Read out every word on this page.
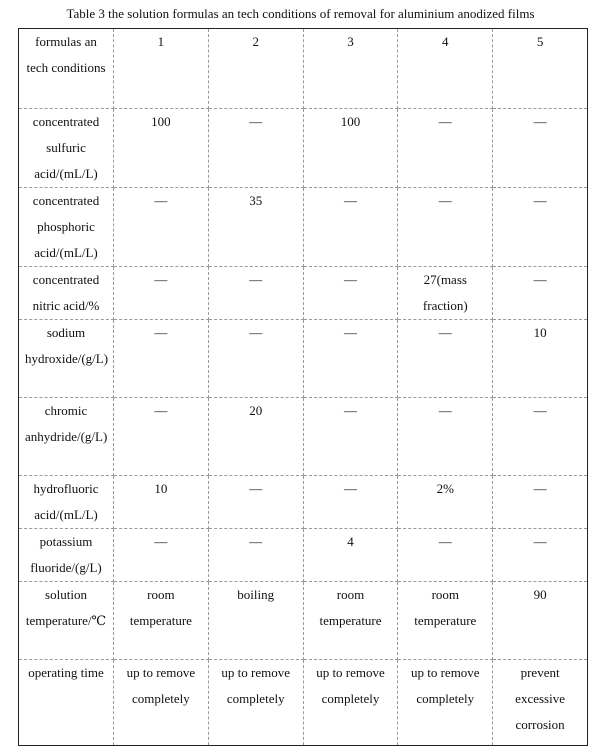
Table 3 the solution formulas an tech conditions of removal for aluminium anodized films
formulas an tech conditions	1	2	3	4	5

concentrated sulfuric acid/(mL/L)	100	—	100	—	—

concentrated phosphoric acid/(mL/L)	—	35	—	—	—

concentrated nitric acid/%	—	—	—	27(mass fraction)	—

sodium hydroxide/(g/L)	—	—	—	—	10

chromic anhydride/(g/L)	—	20	—	—	—

hydrofluoric acid/(mL/L)	10	—	—	2%	—

potassium fluoride/(g/L)	—	—	4	—	—

solution temperature/℃	room temperature	boiling	room temperature	room temperature	90

operating time	up to remove completely	up to remove completely	up to remove completely	up to remove completely	prevent excessive corrosion
